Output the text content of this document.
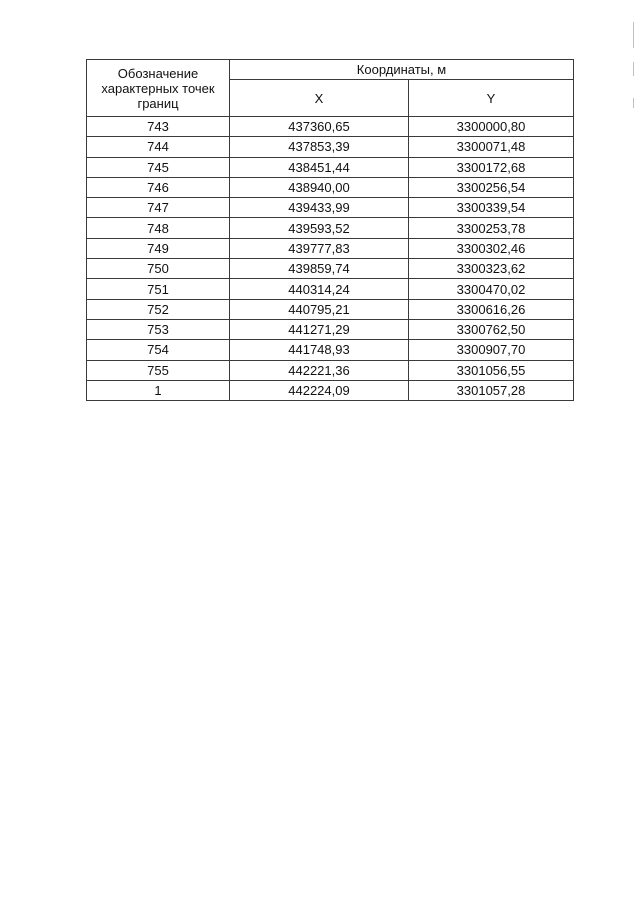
Обозначение характерных точек границ	Координаты, м	
	X	Y
743	437360,65	3300000,80
744	437853,39	3300071,48
745	438451,44	3300172,68
746	438940,00	3300256,54
747	439433,99	3300339,54
748	439593,52	3300253,78
749	439777,83	3300302,46
750	439859,74	3300323,62
751	440314,24	3300470,02
752	440795,21	3300616,26
753	441271,29	3300762,50
754	441748,93	3300907,70
755	442221,36	3301056,55
1	442224,09	3301057,28
